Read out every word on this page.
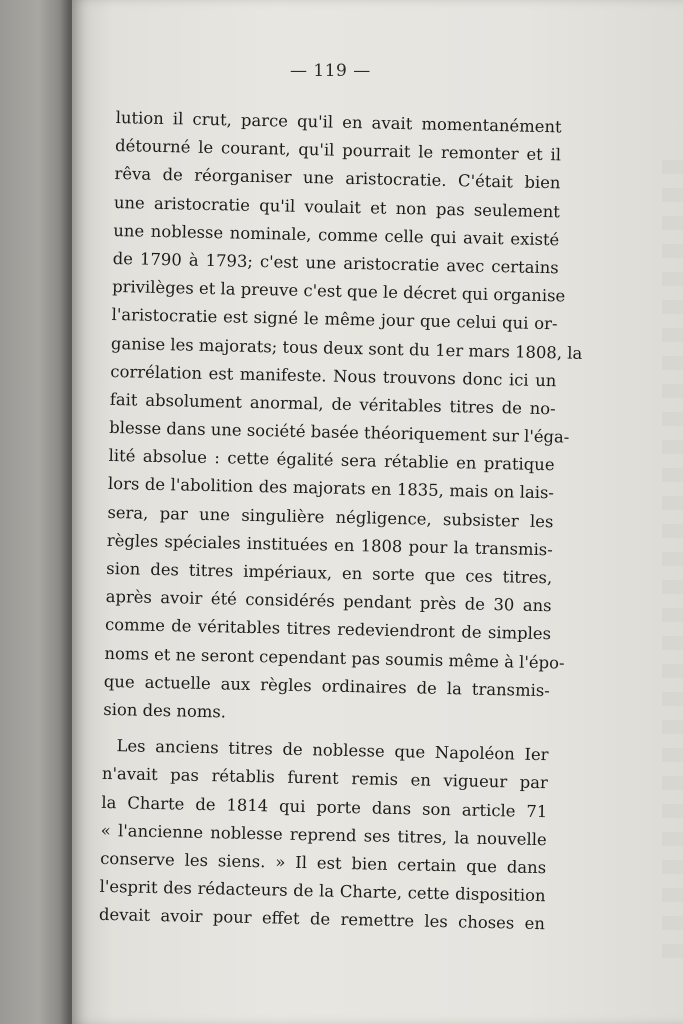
— 119 —
lution il crut, parce qu'il en avait momentanément
détourné le courant, qu'il pourrait le remonter et il
rêva de réorganiser une aristocratie. C'était bien
une aristocratie qu'il voulait et non pas seulement
une noblesse nominale, comme celle qui avait existé
de 1790 à 1793; c'est une aristocratie avec certains
privilèges et la preuve c'est que le décret qui organise
l'aristocratie est signé le même jour que celui qui or-
ganise les majorats; tous deux sont du 1er mars 1808, la
corrélation est manifeste. Nous trouvons donc ici un
fait absolument anormal, de véritables titres de no-
blesse dans une société basée théoriquement sur l'éga-
lité absolue : cette égalité sera rétablie en pratique
lors de l'abolition des majorats en 1835, mais on lais-
sera, par une singulière négligence, subsister les
règles spéciales instituées en 1808 pour la transmis-
sion des titres impériaux, en sorte que ces titres,
après avoir été considérés pendant près de 30 ans
comme de véritables titres redeviendront de simples
noms et ne seront cependant pas soumis même à l'épo-
que actuelle aux règles ordinaires de la transmis-
sion des noms.
Les anciens titres de noblesse que Napoléon Ier
n'avait pas rétablis furent remis en vigueur par
la Charte de 1814 qui porte dans son article 71
« l'ancienne noblesse reprend ses titres, la nouvelle
conserve les siens. » Il est bien certain que dans
l'esprit des rédacteurs de la Charte, cette disposition
devait avoir pour effet de remettre les choses en
